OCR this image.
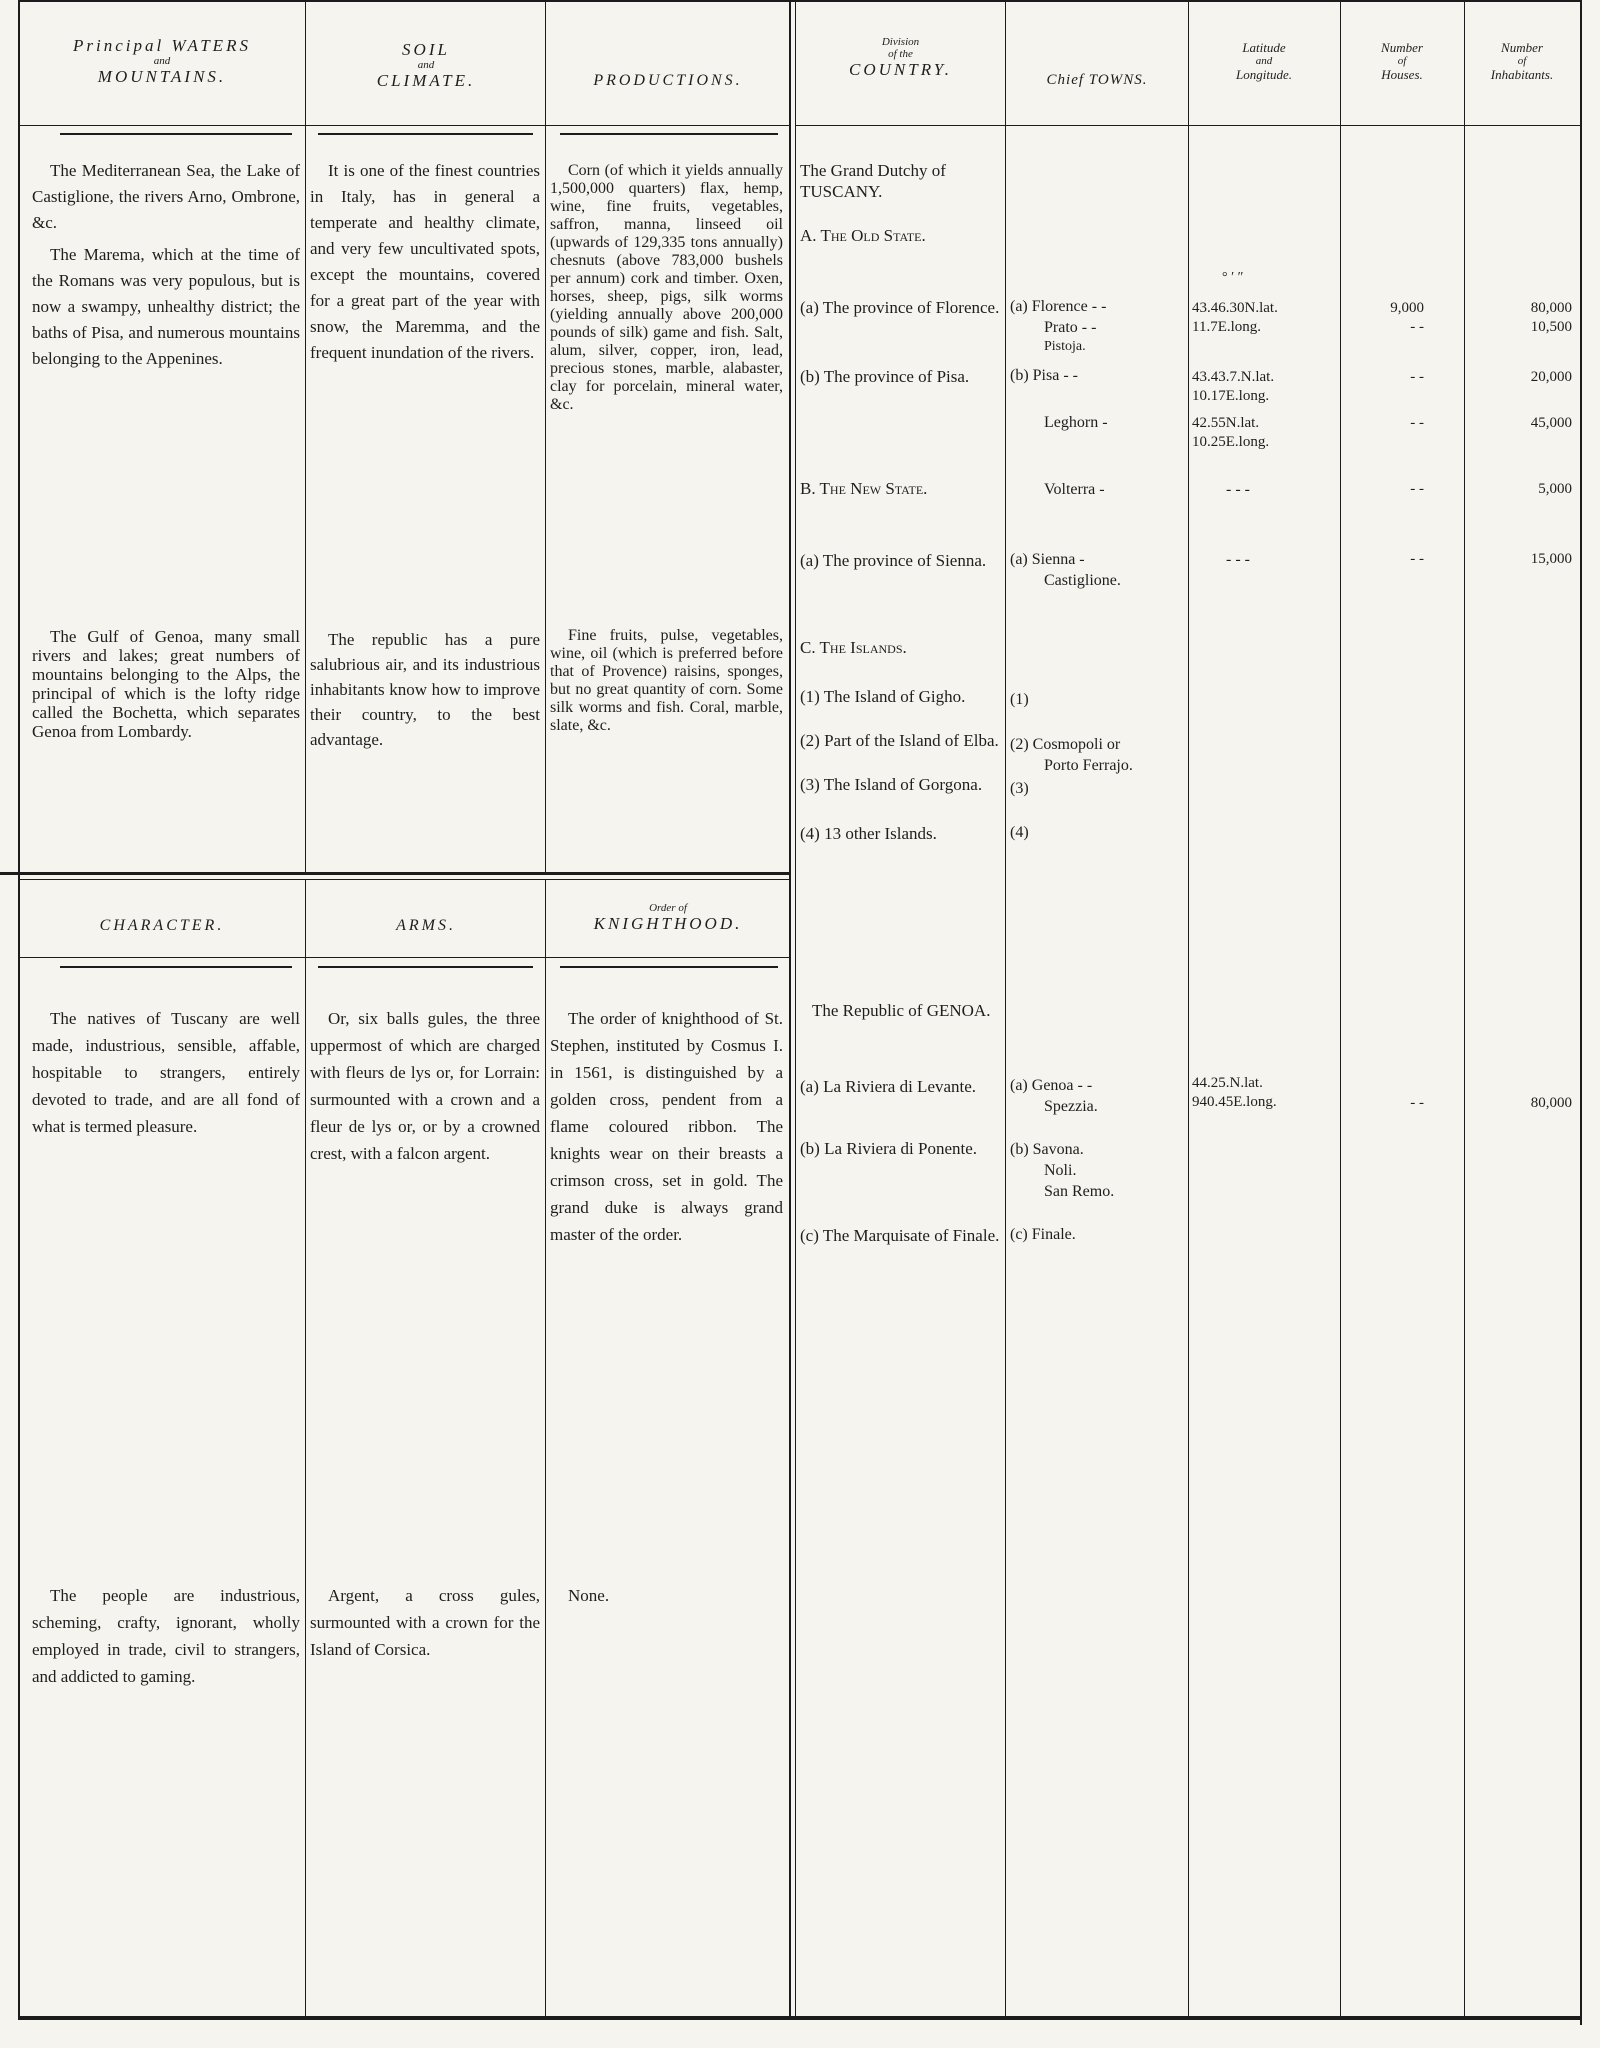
Principal WATERS
and
MOUNTAINS.
SOIL
and
CLIMATE.	PRODUCTIONS.
Division
of the
COUNTRY.
Chief TOWNS.
Latitude
and
Longitude.
Number
of
Houses.
Number
of
Inhabitants.
CHARACTER.	ARMS.
Order of
KNIGHTHOOD.

The Mediterranean Sea, the Lake of Castiglione, the rivers Arno, Ombrone, &c.

The Marema, which at the time of the Romans was very populous, but is now a swampy, unhealthy district; the baths of Pisa, and numerous mountains belonging to the Appenines.

It is one of the finest countries in Italy, has in general a temperate and healthy climate, and very few uncultivated spots, except the mountains, covered for a great part of the year with snow, the Maremma, and the frequent inundation of the rivers.
Corn (of which it yields annually 1,500,000 quarters) flax, hemp, wine, fine fruits, vegetables, saffron, manna, linseed oil (upwards of 129,335 tons annually) chesnuts (above 783,000 bushels per annum) cork and timber. Oxen, horses, sheep, pigs, silk worms (yielding annually above 200,000 pounds of silk) game and fish. Salt, alum, silver, copper, iron, lead, precious stones, marble, alabaster, clay for porcelain, mineral water, &c.
The Gulf of Genoa, many small rivers and lakes; great numbers of mountains belonging to the Alps, the principal of which is the lofty ridge called the Bochetta, which separates Genoa from Lombardy.
The republic has a pure salubrious air, and its industrious inhabitants know how to improve their country, to the best advantage.
Fine fruits, pulse, vegetables, wine, oil (which is preferred before that of Provence) raisins, sponges, but no great quantity of corn. Some silk worms and fish. Coral, marble, slate, &c.
The natives of Tuscany are well made, industrious, sensible, affable, hospitable to strangers, entirely devoted to trade, and are all fond of what is termed pleasure.
Or, six balls gules, the three uppermost of which are charged with fleurs de lys or, for Lorrain: surmounted with a crown and a fleur de lys or, or by a crowned crest, with a falcon argent.
The order of knighthood of St. Stephen, instituted by Cosmus I. in 1561, is distinguished by a golden cross, pendent from a flame coloured ribbon. The knights wear on their breasts a crimson cross, set in gold. The grand duke is always grand master of the order.
The people are industrious, scheming, crafty, ignorant, wholly employed in trade, civil to strangers, and addicted to gaming.
Argent, a cross gules, surmounted with a crown for the Island of Corsica.
None.
The Grand Dutchy of TUSCANY.
A. The Old State.
(a) The province of Florence.
(b) The province of Pisa.
B. The New State.
(a) The province of Sienna.
C. The Islands.
(1) The Island of Gigho.
(2) Part of the Island of Elba.
(3) The Island of Gorgona.
(4) 13 other Islands.
The Republic of GENOA.
(a) La Riviera di Levante.
(b) La Riviera di Ponente.
(c) The Marquisate of Finale.
(a) Florence - -
Prato - -
Pistoja.
(b) Pisa - -
Leghorn -
Volterra -
(a) Sienna -
Castiglione.
(1)
(2) Cosmopoli or
Porto Ferrajo.
(3)
(4)
(a) Genoa - -
Spezzia.
(b) Savona.
Noli.
San Remo.
(c) Finale.
° ′ ″
43.46.30N.lat.
11.7E.long.
43.43.7.N.lat.
10.17E.long.
42.55N.lat.
10.25E.long.
- - -
- - -
44.25.N.lat.
940.45E.long.
9,000
- -
- -
- -
- -
- -
- -
80,000
10,500
20,000
45,000
5,000
15,000
80,000
